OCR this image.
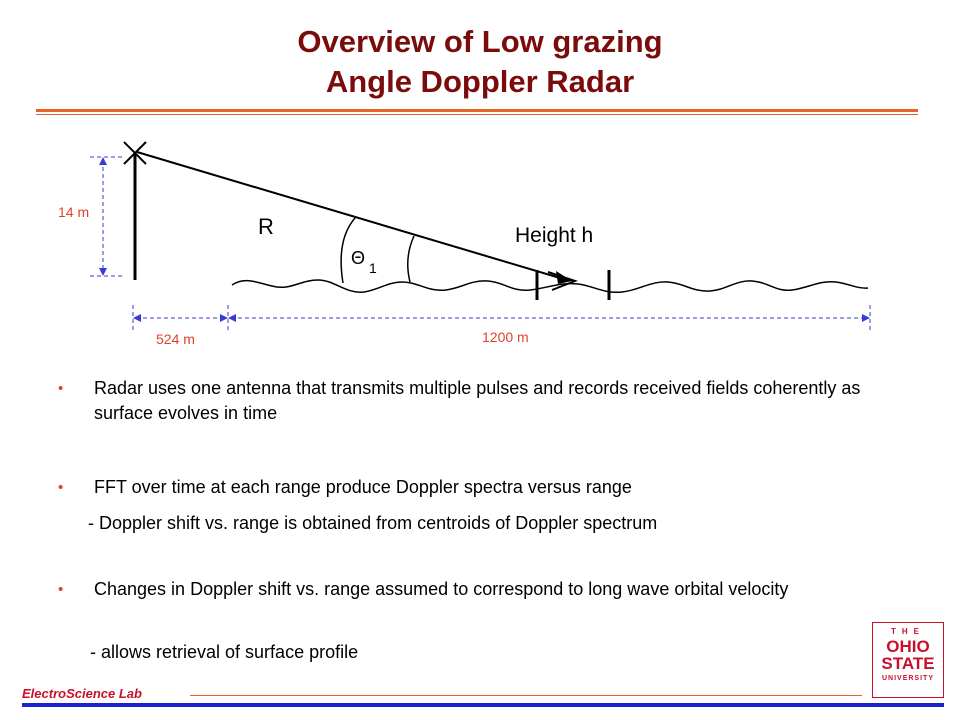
Overview of Low grazing
Angle Doppler Radar
R
Θ 1
Height h
14 m
524 m	1200 m
• Radar uses one antenna that transmits multiple pulses and records received fields coherently as surface evolves in time
• FFT over time at each range produce Doppler spectra versus range
- Doppler shift vs. range is obtained from centroids of Doppler spectrum
• Changes in Doppler shift vs. range assumed to correspond to long wave orbital velocity
- allows retrieval of surface profile
ElectroScience Lab
THE
OHIO
STATE
UNIVERSITY
